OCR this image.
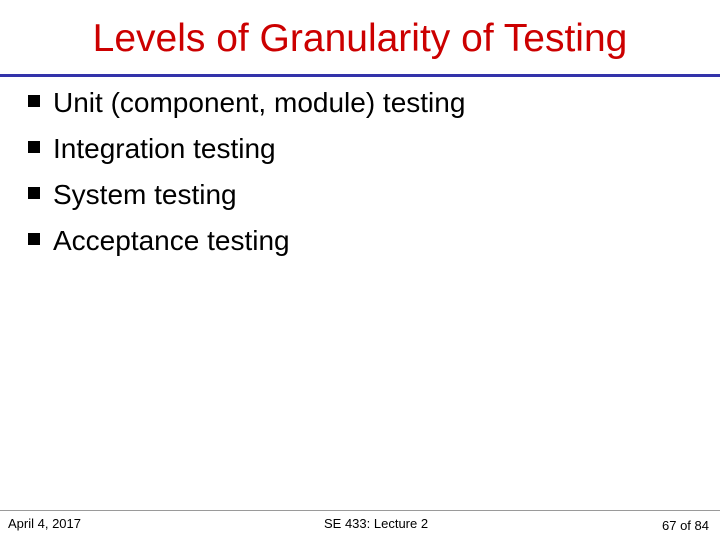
Levels of Granularity of Testing
Unit (component, module) testing
Integration testing
System testing
Acceptance testing
April 4, 2017	SE 433: Lecture 2	67 of 84
